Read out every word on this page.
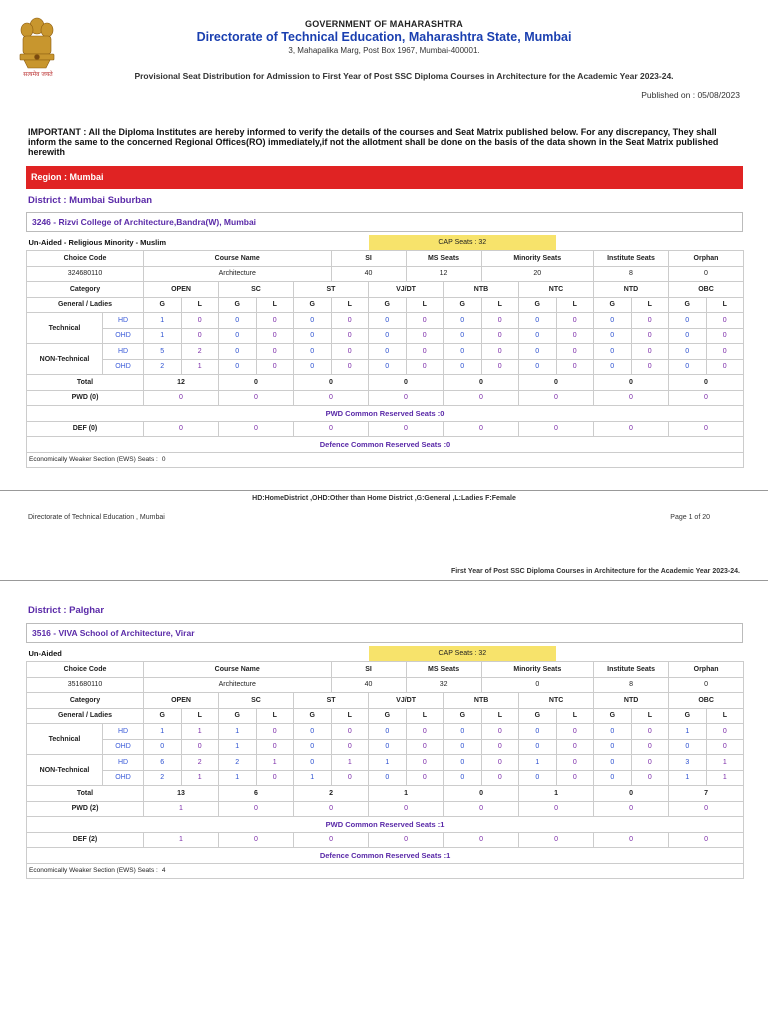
सत्यमेव जयते
GOVERNMENT OF MAHARASHTRA
Directorate of Technical Education, Maharashtra State, Mumbai
3, Mahapalika Marg, Post Box 1967, Mumbai-400001.
Provisional Seat Distribution for Admission to First Year of Post SSC Diploma Courses in Architecture for the Academic Year 2023-24.
Published on : 05/08/2023
IMPORTANT : All the Diploma Institutes are hereby informed to verify the details of the courses and Seat Matrix published below. For any discrepancy, They shall inform the same to the concerned Regional Offices(RO) immediately,if not the allotment shall be done on the basis of the data shown in the Seat Matrix published herewith
Region : Mumbai
District : Mumbai Suburban
3246 - Rizvi College of Architecture,Bandra(W), Mumbai
Un-Aided - Religious Minority - Muslim								CAP Seats : 32									
Choice Code		Course Name					SI		MS Seats		Minority Seats			Institute Seats		Orphan	
324680110		Architecture					40		12		20			8		0	
Category		OPEN		SC		ST		VJ/DT		NTB		NTC		NTD		OBC	
General / Ladies		G	L	G	L	G	L	G	L	G	L	G	L	G	L	G	L
Technical	HD	1	0	0	0	0	0	0	0	0	0	0	0	0	0	0	0
	OHD	1	0	0	0	0	0	0	0	0	0	0	0	0	0	0	0
NON-Technical	HD	5	2	0	0	0	0	0	0	0	0	0	0	0	0	0	0
	OHD	2	1	0	0	0	0	0	0	0	0	0	0	0	0	0	0
Total		12		0		0		0		0		0		0		0	
PWD (0)		0		0		0		0		0		0		0		0	
PWD Common Reserved Seats :0																	
DEF (0)		0		0		0		0		0		0		0		0	
Defence Common Reserved Seats :0																	
Economically Weaker Section (EWS) Seats : 0																	
HD:HomeDistrict ,OHD:Other than Home District ,G:General ,L:Ladies F:Female
Directorate of Technical Education , Mumbai	Page 1 of 20
First Year of Post SSC Diploma Courses in Architecture for the Academic Year 2023-24.
District : Palghar
3516 - VIVA School of Architecture, Virar
Un-Aided								CAP Seats : 32									
Choice Code		Course Name					SI		MS Seats		Minority Seats			Institute Seats		Orphan	
351680110		Architecture					40		32		0			8		0	
Category		OPEN		SC		ST		VJ/DT		NTB		NTC		NTD		OBC	
General / Ladies		G	L	G	L	G	L	G	L	G	L	G	L	G	L	G	L
Technical	HD	1	1	1	0	0	0	0	0	0	0	0	0	0	0	1	0
	OHD	0	0	1	0	0	0	0	0	0	0	0	0	0	0	0	0
NON-Technical	HD	6	2	2	1	0	1	1	0	0	0	1	0	0	0	3	1
	OHD	2	1	1	0	1	0	0	0	0	0	0	0	0	0	1	1
Total		13		6		2		1		0		1		0		7	
PWD (2)		1		0		0		0		0		0		0		0	
PWD Common Reserved Seats :1																	
DEF (2)		1		0		0		0		0		0		0		0	
Defence Common Reserved Seats :1																	
Economically Weaker Section (EWS) Seats : 4																	
